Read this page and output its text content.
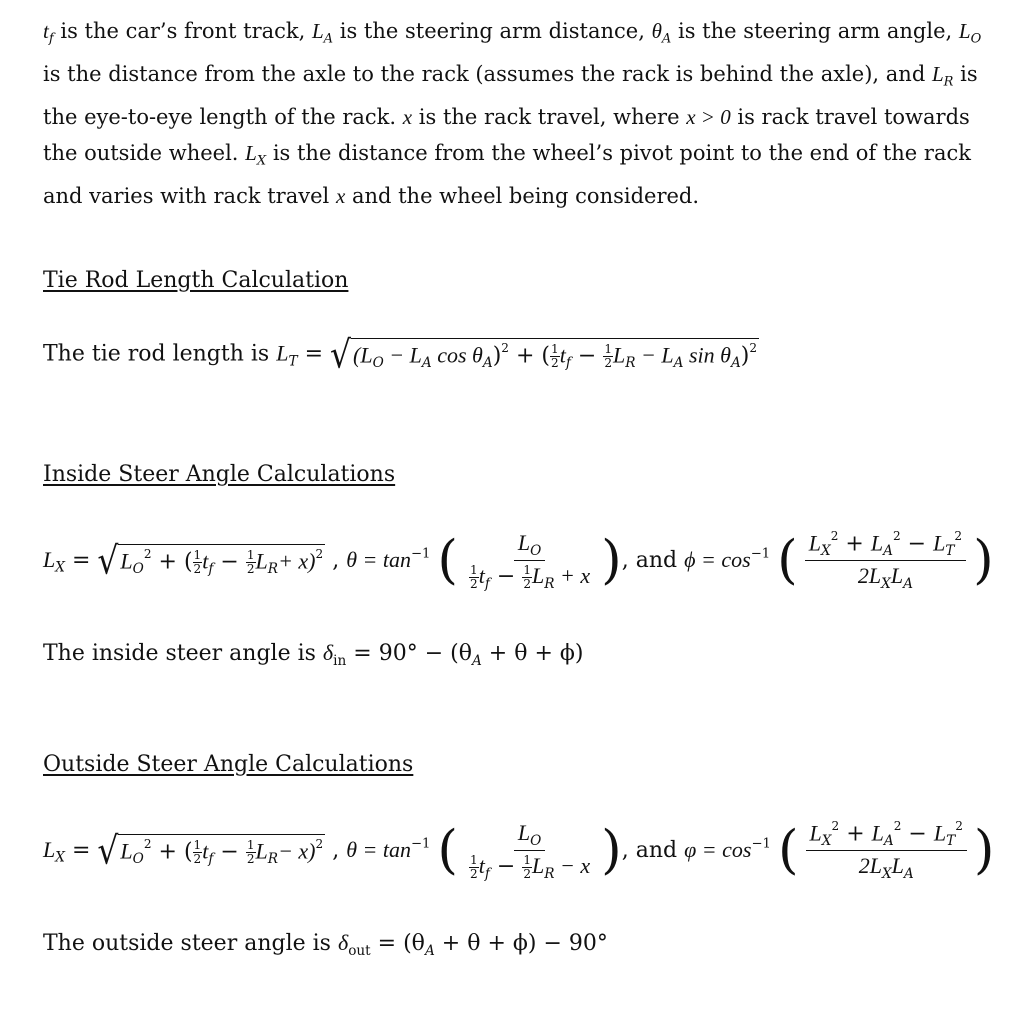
$t_f$ is the car’s front track, $L_A$ is the steering arm distance, $\theta_A$ is the steering arm angle, $L_O$ is the distance from the axle to the rack (assumes the rack is behind the axle), and $L_R$ is the eye-to-eye length of the rack. x is the rack travel, where x > 0 is rack travel towards the outside wheel. $L_X$ is the distance from the wheel’s pivot point to the end of the rack and varies with rack travel x and the wheel being considered.
Tie Rod Length Calculation
The tie rod length is $L_T$ = √ ($L_O - L_A$ $\cos \theta_A)^2$ + ( $\frac{1}{2} t_f - \frac{1}{2} L_R - L_A$ $\sin \theta_A)^2$
Inside Steer Angle Calculations
$L_X$ = √ $L_O^2$ + ( $\frac{1}{2} t_f - \frac{1}{2} L_R+ x)^2$ , $\theta = \tan^{-1}$ ( $\frac{L_O}{\frac{1}{2} t_f - \frac{1}{2} L_R + x}$ ), and $\phi = \cos^{-1}$ ( $\frac{L_X^2 + L_A^2 - L_T^2}{2L_XL_A}$ )
The inside steer angle is $\delta_{in} = 90^\circ - (\theta_A + \theta + \phi)$
Outside Steer Angle Calculations
$L_X$ = √ $L_O^2$ + ( $\frac{1}{2} t_f - \frac{1}{2} L_R- x)^2$ , $\theta = \tan^{-1}$ ( $\frac{L_O}{\frac{1}{2} t_f - \frac{1}{2} L_R - x}$ ), and $\varphi = \cos^{-1}$ ( $\frac{L_X^2 + L_A^2 - L_T^2}{2L_XL_A}$ )
The outside steer angle is $\delta_{out} = (\theta_A + \theta + \phi) - 90^\circ$
